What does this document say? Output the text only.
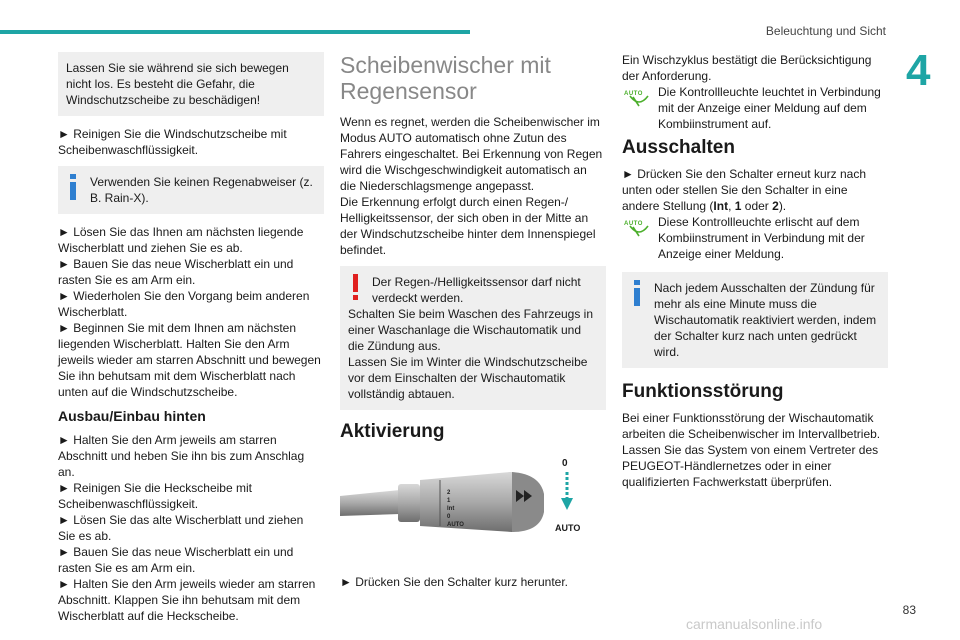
Beleuchtung und Sicht
4
Lassen Sie sie während sie sich bewegen nicht los. Es besteht die Gefahr, die Windschutzscheibe zu beschädigen!

► Reinigen Sie die Windschutzscheibe mit Scheibenwaschflüssigkeit.

Verwenden Sie keinen Regenabweiser (z. B. Rain-X).

► Lösen Sie das Ihnen am nächsten liegende Wischerblatt und ziehen Sie es ab.

► Bauen Sie das neue Wischerblatt ein und rasten Sie es am Arm ein.

► Wiederholen Sie den Vorgang beim anderen Wischerblatt.

► Beginnen Sie mit dem Ihnen am nächsten liegenden Wischerblatt. Halten Sie den Arm jeweils wieder am starren Abschnitt und bewegen Sie ihn behutsam mit dem Wischerblatt nach unten auf die Windschutzscheibe.

Ausbau/Einbau hinten

► Halten Sie den Arm jeweils am starren Abschnitt und heben Sie ihn bis zum Anschlag an.

► Reinigen Sie die Heckscheibe mit Scheibenwaschflüssigkeit.

► Lösen Sie das alte Wischerblatt und ziehen Sie es ab.

► Bauen Sie das neue Wischerblatt ein und rasten Sie es am Arm ein.

► Halten Sie den Arm jeweils wieder am starren Abschnitt. Klappen Sie ihn behutsam mit dem Wischerblatt auf die Heckscheibe.

Scheibenwischer mit Regensensor

Wenn es regnet, werden die Scheibenwischer im Modus AUTO automatisch ohne Zutun des Fahrers eingeschaltet. Bei Erkennung von Regen wird die Wischgeschwindigkeit automatisch an die Niederschlagsmenge angepasst.

Die Erkennung erfolgt durch einen Regen-/ Helligkeitssensor, der sich oben in der Mitte an der Windschutzscheibe hinter dem Innenspiegel befindet.

Der Regen-/Helligkeitssensor darf nicht verdeckt werden.
Schalten Sie beim Waschen des Fahrzeugs in einer Waschanlage die Wischautomatik und die Zündung aus.
Lassen Sie im Winter die Windschutzscheibe vor dem Einschalten der Wischautomatik vollständig abtauen.
Aktivierung
2
1
Int
0
AUTO
0
AUTO

► Drücken Sie den Schalter kurz herunter.

Ein Wischzyklus bestätigt die Berücksichtigung der Anforderung.

AUTO Die Kontrollleuchte leuchtet in Verbindung mit der Anzeige einer Meldung auf dem Kombiinstrument auf.
Ausschalten

► Drücken Sie den Schalter erneut kurz nach unten oder stellen Sie den Schalter in eine andere Stellung (Int, 1 oder 2).

AUTO Diese Kontrollleuchte erlischt auf dem Kombiinstrument in Verbindung mit der Anzeige einer Meldung.
Nach jedem Ausschalten der Zündung für mehr als eine Minute muss die Wischautomatik reaktiviert werden, indem der Schalter kurz nach unten gedrückt wird.
Funktionsstörung

Bei einer Funktionsstörung der Wischautomatik arbeiten die Scheibenwischer im Intervallbetrieb. Lassen Sie das System von einem Vertreter des PEUGEOT-Händlernetzes oder in einer qualifizierten Fachwerkstatt überprüfen.

83
carmanualsonline.info
